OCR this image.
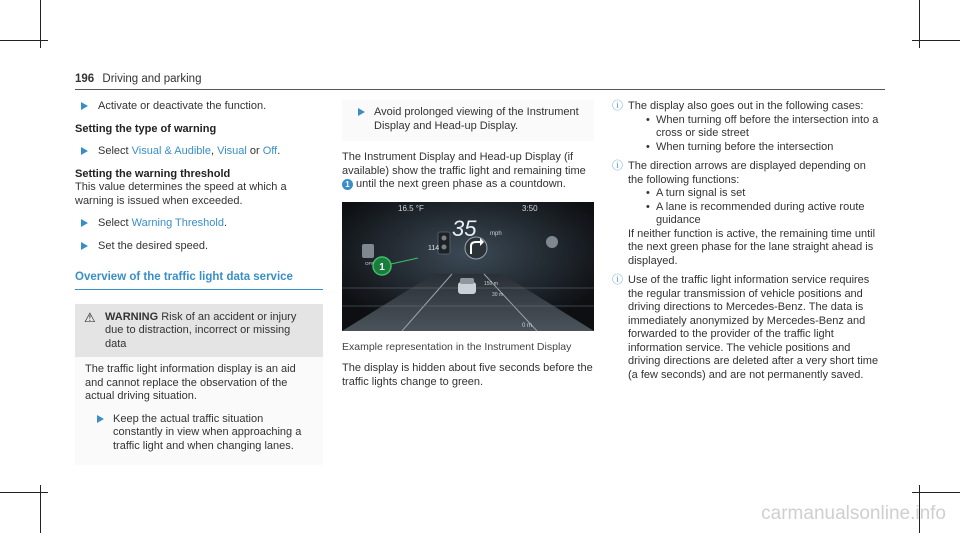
196 Driving and parking
Activate or deactivate the function.

Setting the type of warning

Select Visual & Audible, Visual or Off.

Setting the warning threshold

This value determines the speed at which a warning is issued when exceeded.

Select Warning Threshold.
Set the desired speed.
Overview of the traffic light data service
⚠ WARNING Risk of an accident or injury due to distraction, incorrect or missing data

The traffic light information display is an aid and cannot replace the observation of the actual driving situation.

Keep the actual traffic situation constantly in view when approaching a traffic light and when changing lanes.
Avoid prolonged viewing of the Instrument Display and Head-up Display.

The Instrument Display and Head-up Display (if available) show the traffic light and remaining time 1 until the next green phase as a countdown.

1
16.5 °F	3:50
35 mph
114
OFF
150 m
30 m
0 m
Example representation in the Instrument Display

The display is hidden about five seconds before the traffic lights change to green.

ⓘ The display also goes out in the following cases:
• When turning off before the intersection into a cross or side street
• When turning before the intersection
ⓘ The direction arrows are displayed depending on the following functions:
• A turn signal is set
• A lane is recommended during active route guidance
If neither function is active, the remaining time until the next green phase for the lane straight ahead is displayed.
ⓘ Use of the traffic light information service requires the regular transmission of vehicle positions and driving directions to Mercedes-Benz. The data is immediately anonymized by Mercedes-Benz and forwarded to the provider of the traffic light information service. The vehicle positions and driving directions are deleted after a very short time (a few seconds) and are not permanently saved.
carmanualsonline.info
